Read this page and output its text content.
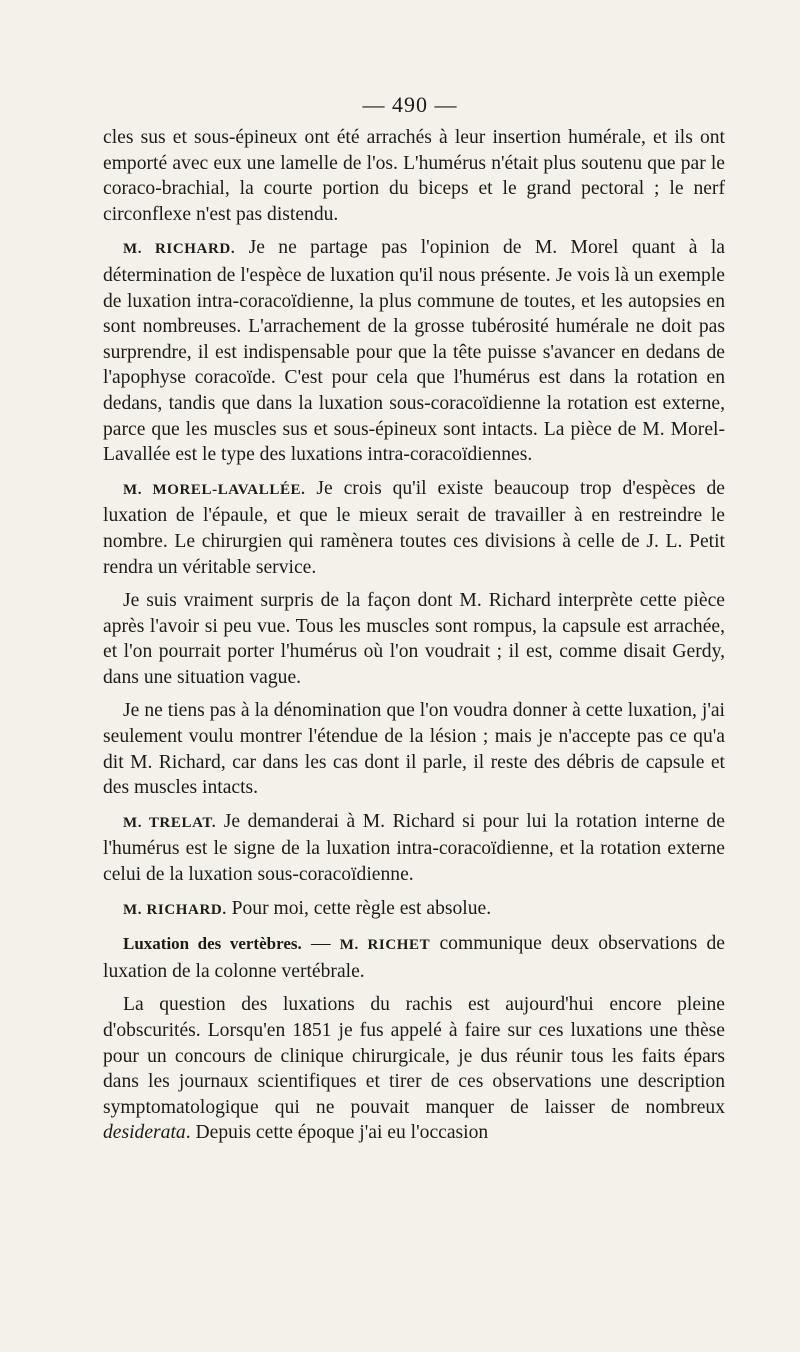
— 490 —

cles sus et sous-épineux ont été arrachés à leur insertion humérale, et ils ont emporté avec eux une lamelle de l'os. L'humérus n'était plus soutenu que par le coraco-brachial, la courte portion du biceps et le grand pectoral ; le nerf circonflexe n'est pas distendu.

M. RICHARD. Je ne partage pas l'opinion de M. Morel quant à la détermination de l'espèce de luxation qu'il nous présente. Je vois là un exemple de luxation intra-coracoïdienne, la plus commune de toutes, et les autopsies en sont nombreuses. L'arrachement de la grosse tubérosité humérale ne doit pas surprendre, il est indispensable pour que la tête puisse s'avancer en dedans de l'apophyse coracoïde. C'est pour cela que l'humérus est dans la rotation en dedans, tandis que dans la luxation sous-coracoïdienne la rotation est externe, parce que les muscles sus et sous-épineux sont intacts. La pièce de M. Morel-Lavallée est le type des luxations intra-coracoïdiennes.

M. MOREL-LAVALLÉE. Je crois qu'il existe beaucoup trop d'espèces de luxation de l'épaule, et que le mieux serait de travailler à en restreindre le nombre. Le chirurgien qui ramènera toutes ces divisions à celle de J. L. Petit rendra un véritable service.

Je suis vraiment surpris de la façon dont M. Richard interprète cette pièce après l'avoir si peu vue. Tous les muscles sont rompus, la capsule est arrachée, et l'on pourrait porter l'humérus où l'on voudrait ; il est, comme disait Gerdy, dans une situation vague.

Je ne tiens pas à la dénomination que l'on voudra donner à cette luxation, j'ai seulement voulu montrer l'étendue de la lésion ; mais je n'accepte pas ce qu'a dit M. Richard, car dans les cas dont il parle, il reste des débris de capsule et des muscles intacts.

M. TRELAT. Je demanderai à M. Richard si pour lui la rotation interne de l'humérus est le signe de la luxation intra-coracoïdienne, et la rotation externe celui de la luxation sous-coracoïdienne.

M. RICHARD. Pour moi, cette règle est absolue.

Luxation des vertèbres. — M. RICHET communique deux observations de luxation de la colonne vertébrale.

La question des luxations du rachis est aujourd'hui encore pleine d'obscurités. Lorsqu'en 1851 je fus appelé à faire sur ces luxations une thèse pour un concours de clinique chirurgicale, je dus réunir tous les faits épars dans les journaux scientifiques et tirer de ces observations une description symptomatologique qui ne pouvait manquer de laisser de nombreux desiderata. Depuis cette époque j'ai eu l'occasion
